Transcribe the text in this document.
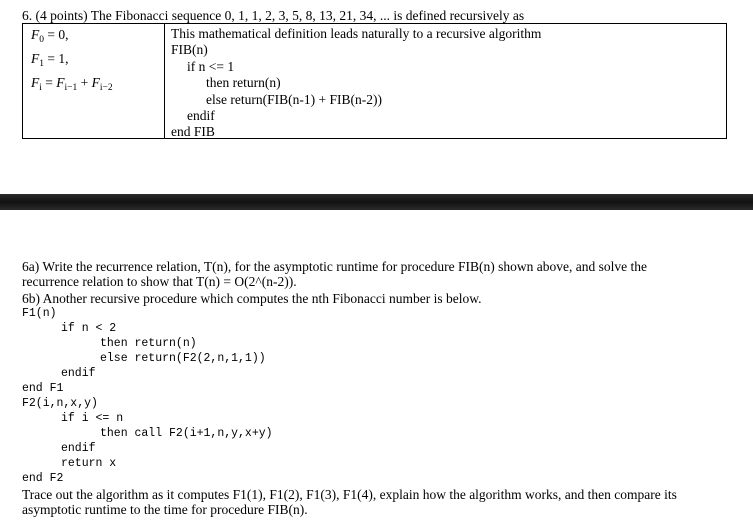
6. (4 points) The Fibonacci sequence 0, 1, 1, 2, 3, 5, 8, 13, 21, 34, ... is defined recursively as
$F_0 = 0$,
$F_1 = 1$,
$F_i = F_{i-1} + F_{i-2}$
This mathematical definition leads naturally to a recursive algorithm
FIB(n)
if n <= 1
then return(n)
else return(FIB(n-1) + FIB(n-2))
endif
end FIB
6a) Write the recurrence relation, T(n), for the asymptotic runtime for procedure FIB(n) shown above, and solve the
recurrence relation to show that T(n) = O(2^(n-2)).
6b) Another recursive procedure which computes the nth Fibonacci number is below.
F1(n)
if n < 2
then return(n)
else return(F2(2,n,1,1))
endif
end F1
F2(i,n,x,y)
if i <= n
then call F2(i+1,n,y,x+y)
endif
return x
end F2
Trace out the algorithm as it computes F1(1), F1(2), F1(3), F1(4), explain how the algorithm works, and then compare its
asymptotic runtime to the time for procedure FIB(n).
